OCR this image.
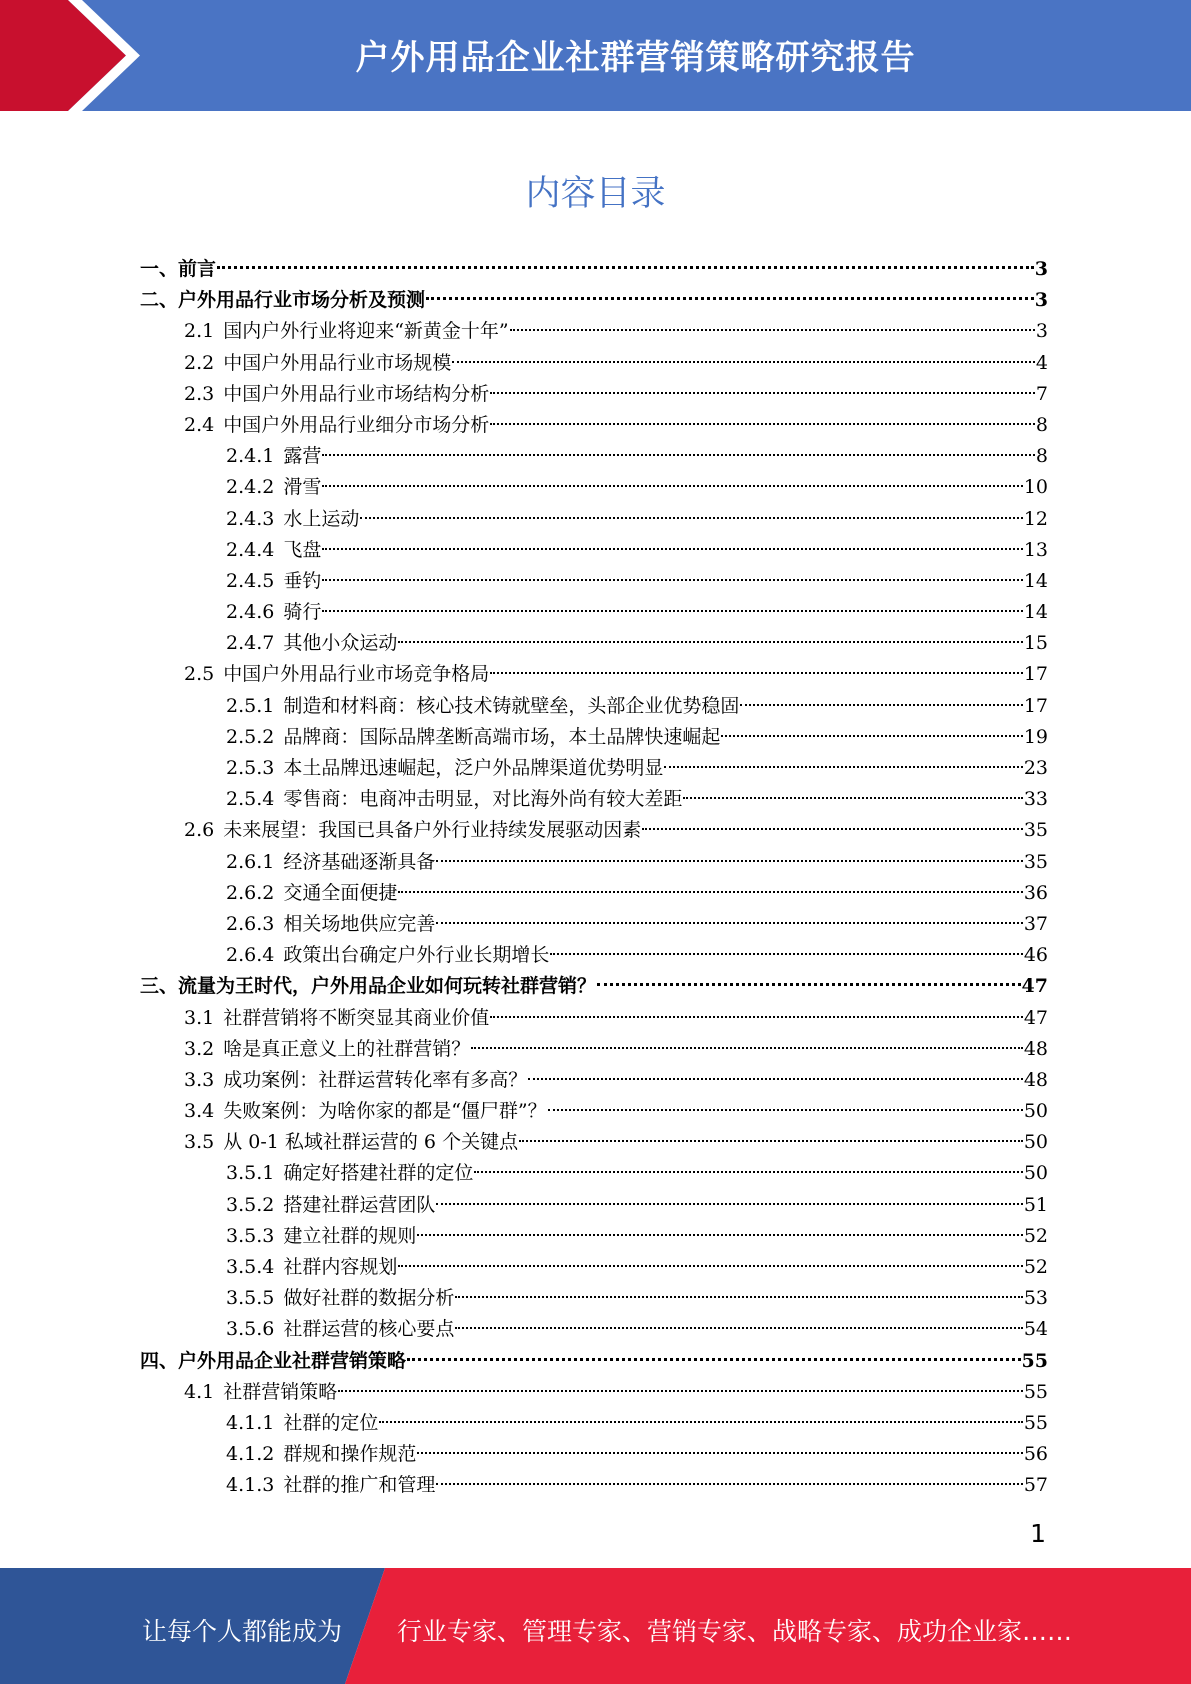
户外用品企业社群营销策略研究报告
内容目录
一、前言	3
二、户外用品行业市场分析及预测	3
2.1 国内户外行业将迎来“新黄金十年”	3
2.2 中国户外用品行业市场规模	4
2.3 中国户外用品行业市场结构分析	7
2.4 中国户外用品行业细分市场分析	8
2.4.1 露营	8
2.4.2 滑雪	10
2.4.3 水上运动	12
2.4.4 飞盘	13
2.4.5 垂钓	14
2.4.6 骑行	14
2.4.7 其他小众运动	15
2.5 中国户外用品行业市场竞争格局	17
2.5.1 制造和材料商：核心技术铸就壁垒，头部企业优势稳固	17
2.5.2 品牌商：国际品牌垄断高端市场，本土品牌快速崛起	19
2.5.3 本土品牌迅速崛起，泛户外品牌渠道优势明显	23
2.5.4 零售商：电商冲击明显，对比海外尚有较大差距	33
2.6 未来展望：我国已具备户外行业持续发展驱动因素	35
2.6.1 经济基础逐渐具备	35
2.6.2 交通全面便捷	36
2.6.3 相关场地供应完善	37
2.6.4 政策出台确定户外行业长期增长	46
三、流量为王时代，户外用品企业如何玩转社群营销？	47
3.1 社群营销将不断突显其商业价值	47
3.2 啥是真正意义上的社群营销？	48
3.3 成功案例：社群运营转化率有多高？	48
3.4 失败案例：为啥你家的都是“僵尸群”？	50
3.5 从 0-1 私域社群运营的 6 个关键点	50
3.5.1 确定好搭建社群的定位	50
3.5.2 搭建社群运营团队	51
3.5.3 建立社群的规则	52
3.5.4 社群内容规划	52
3.5.5 做好社群的数据分析	53
3.5.6 社群运营的核心要点	54
四、户外用品企业社群营销策略	55
4.1 社群营销策略	55
4.1.1 社群的定位	55
4.1.2 群规和操作规范	56
4.1.3 社群的推广和管理	57
1
让每个人都能成为 行业专家、管理专家、营销专家、战略专家、成功企业家……
